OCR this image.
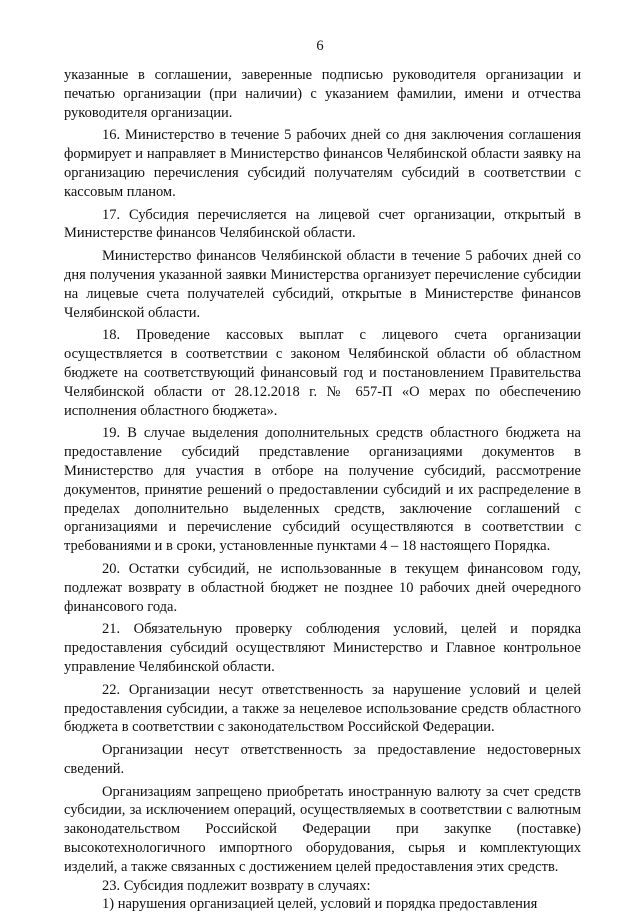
6

указанные в соглашении, заверенные подписью руководителя организации и печатью организации (при наличии) с указанием фамилии, имени и отчества руководителя организации.

16. Министерство в течение 5 рабочих дней со дня заключения соглашения формирует и направляет в Министерство финансов Челябинской области заявку на организацию перечисления субсидий получателям субсидий в соответствии с кассовым планом.

17. Субсидия перечисляется на лицевой счет организации, открытый в Министерстве финансов Челябинской области.

Министерство финансов Челябинской области в течение 5 рабочих дней со дня получения указанной заявки Министерства организует перечисление субсидии на лицевые счета получателей субсидий, открытые в Министерстве финансов Челябинской области.

18. Проведение кассовых выплат с лицевого счета организации осуществляется в соответствии с законом Челябинской области об областном бюджете на соответствующий финансовый год и постановлением Правительства Челябинской области от 28.12.2018 г. № 657-П «О мерах по обеспечению исполнения областного бюджета».

19. В случае выделения дополнительных средств областного бюджета на предоставление субсидий представление организациями документов в Министерство для участия в отборе на получение субсидий, рассмотрение документов, принятие решений о предоставлении субсидий и их распределение в пределах дополнительно выделенных средств, заключение соглашений с организациями и перечисление субсидий осуществляются в соответствии с требованиями и в сроки, установленные пунктами 4 – 18 настоящего Порядка.

20. Остатки субсидий, не использованные в текущем финансовом году, подлежат возврату в областной бюджет не позднее 10 рабочих дней очередного финансового года.

21. Обязательную проверку соблюдения условий, целей и порядка предоставления субсидий осуществляют Министерство и Главное контрольное управление Челябинской области.

22. Организации несут ответственность за нарушение условий и целей предоставления субсидии, а также за нецелевое использование средств областного бюджета в соответствии с законодательством Российской Федерации.

Организации несут ответственность за предоставление недостоверных сведений.

Организациям запрещено приобретать иностранную валюту за счет средств субсидии, за исключением операций, осуществляемых в соответствии с валютным законодательством Российской Федерации при закупке (поставке) высокотехнологичного импортного оборудования, сырья и комплектующих изделий, а также связанных с достижением целей предоставления этих средств.

23. Субсидия подлежит возврату в случаях:

1) нарушения организацией целей, условий и порядка предоставления
